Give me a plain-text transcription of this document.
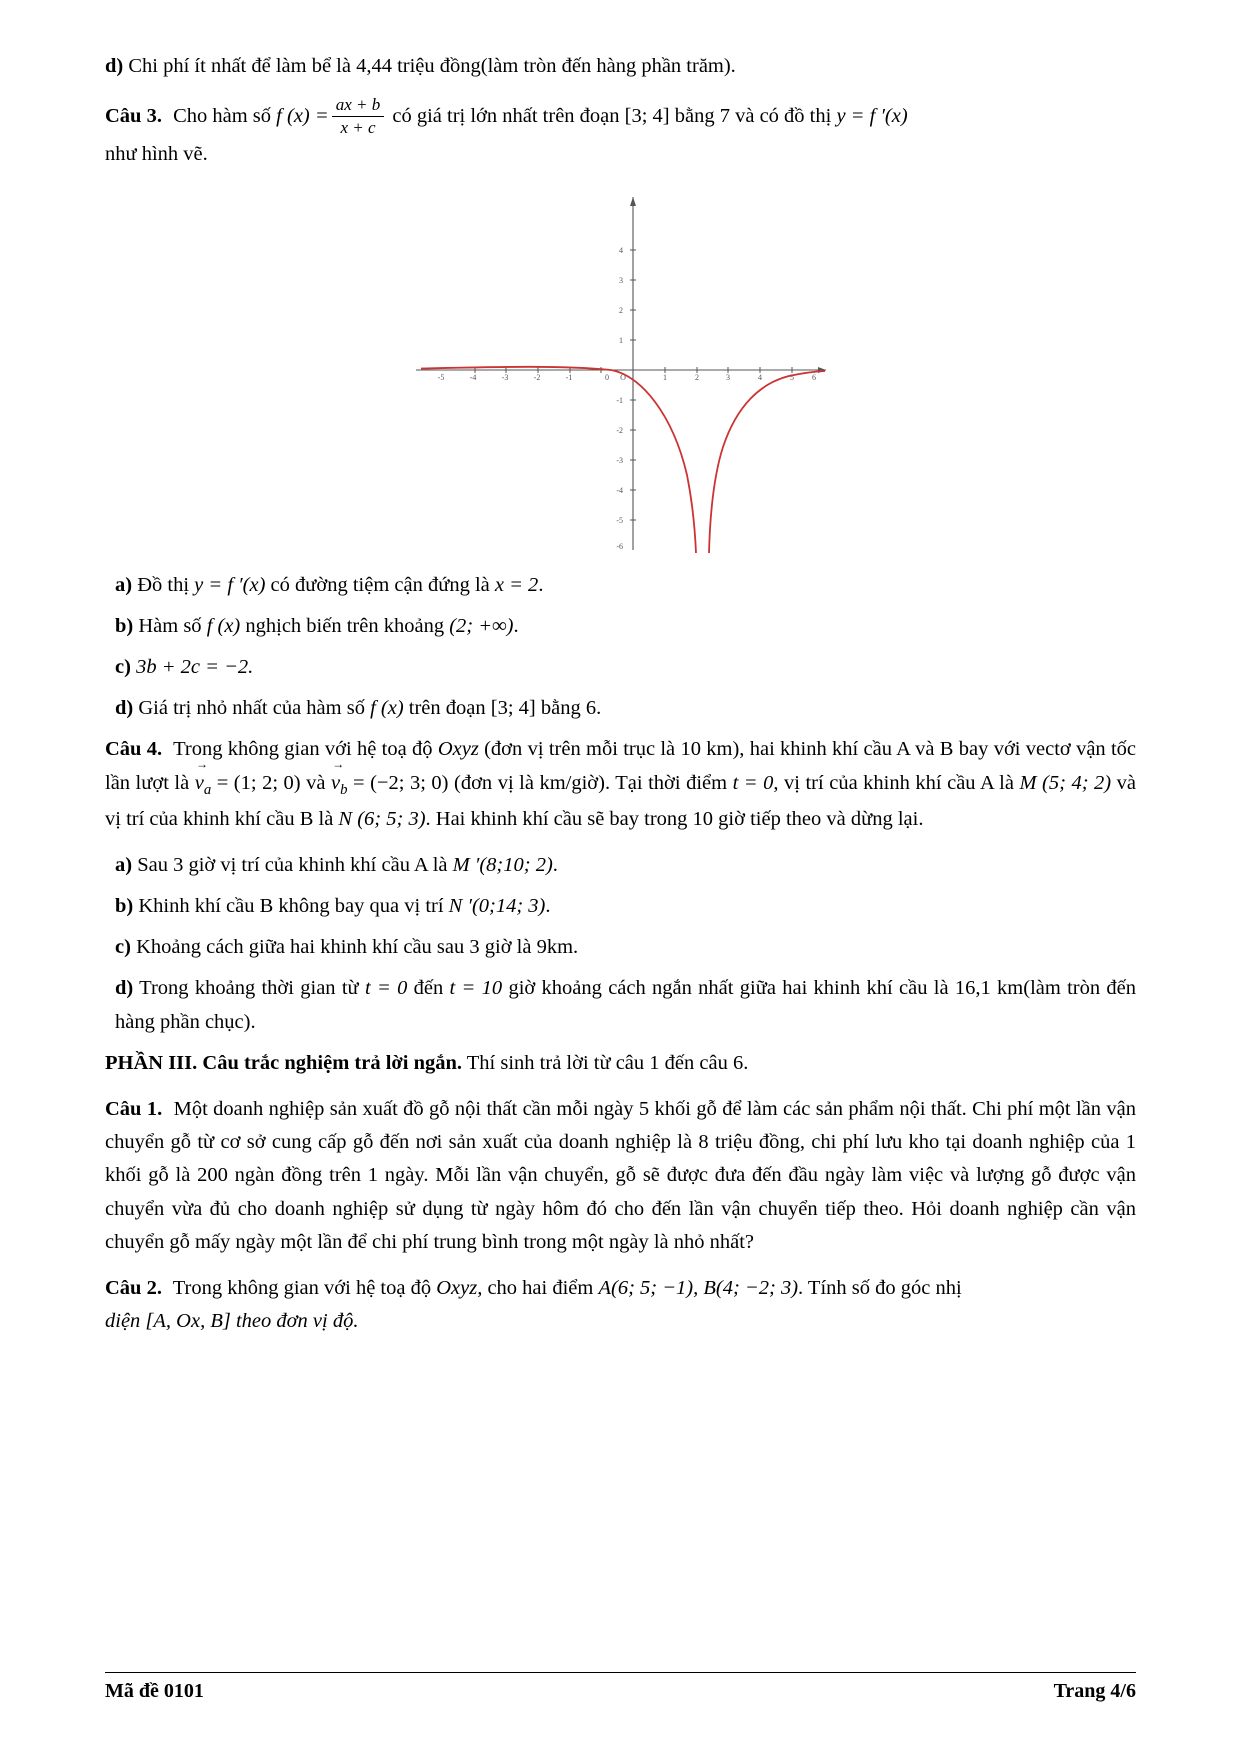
d) Chi phí ít nhất để làm bể là 4,44 triệu đồng(làm tròn đến hàng phần trăm).

Câu 3. Cho hàm số f $(x) = \frac{ax + b}{x + c}$ có giá trị lớn nhất trên đoạn [3; 4] bằng 7 và có đồ thị y = f ′(x)
như hình vẽ.

-5	-4	-3	-2	-1	0 O	1	2	3	4	5 6
1
2
3
4
-1
-2
-3
-4
-5
-6

a) Đồ thị y = f ′(x) có đường tiệm cận đứng là x = 2.

b) Hàm số f (x) nghịch biến trên khoảng (2; +∞).

c) 3b + 2c = −2.

d) Giá trị nhỏ nhất của hàm số f (x) trên đoạn [3; 4] bằng 6.

Câu 4. Trong không gian với hệ toạ độ Oxyz (đơn vị trên mỗi trục là 10 km), hai khinh khí cầu A và B bay với vectơ vận tốc lần lượt là
→
$v_a = (1$; 2; 0) và
→
$v_b = (-2$; 3; 0) (đơn vị là km/giờ). Tại thời điểm t = 0, vị trí của khinh khí cầu A là M (5; 4; 2) và vị trí của khinh khí cầu B là N (6; 5; 3). Hai khinh khí cầu sẽ bay trong 10 giờ tiếp theo và dừng lại.

a) Sau 3 giờ vị trí của khinh khí cầu A là M ′(8;10; 2).

b) Khinh khí cầu B không bay qua vị trí N ′(0;14; 3).

c) Khoảng cách giữa hai khinh khí cầu sau 3 giờ là 9km.

d) Trong khoảng thời gian từ t = 0 đến t = 10 giờ khoảng cách ngắn nhất giữa hai khinh khí cầu là 16,1 km(làm tròn đến hàng phần chục).

PHẦN III. Câu trắc nghiệm trả lời ngắn. Thí sinh trả lời từ câu 1 đến câu 6.

Câu 1. Một doanh nghiệp sản xuất đồ gỗ nội thất cần mỗi ngày 5 khối gỗ để làm các sản phẩm nội thất. Chi phí một lần vận chuyển gỗ từ cơ sở cung cấp gỗ đến nơi sản xuất của doanh nghiệp là 8 triệu đồng, chi phí lưu kho tại doanh nghiệp của 1 khối gỗ là 200 ngàn đồng trên 1 ngày. Mỗi lần vận chuyển, gỗ sẽ được đưa đến đầu ngày làm việc và lượng gỗ được vận chuyển vừa đủ cho doanh nghiệp sử dụng từ ngày hôm đó cho đến lần vận chuyển tiếp theo. Hỏi doanh nghiệp cần vận chuyển gỗ mấy ngày một lần để chi phí trung bình trong một ngày là nhỏ nhất?

Câu 2. Trong không gian với hệ toạ độ Oxyz, cho hai điểm A(6; 5; −1), B(4; −2; 3). Tính số đo góc nhị
diện [A, Ox, B] theo đơn vị độ.

Mã đề 0101	Trang 4/6
